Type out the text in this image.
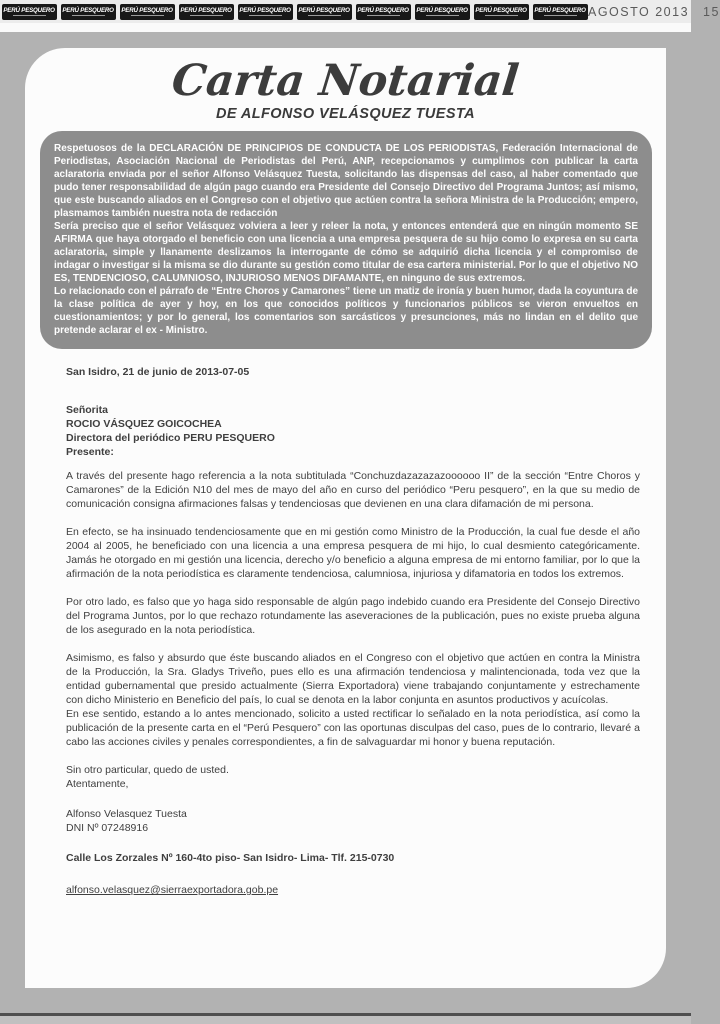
PERÚ PESQUERO PERÚ PESQUERO PERÚ PESQUERO PERÚ PESQUERO PERÚ PESQUERO PERÚ PESQUERO PERÚ PESQUERO PERÚ PESQUERO PERÚ PESQUERO PERÚ PESQUERO AGOSTO 2013 15
Carta Notarial
DE ALFONSO VELÁSQUEZ TUESTA

Respetuosos de la DECLARACIÓN DE PRINCIPIOS DE CONDUCTA DE LOS PERIODISTAS, Federación Internacional de Periodistas, Asociación Nacional de Periodistas del Perú, ANP, recepcionamos y cumplimos con publicar la carta aclaratoria enviada por el señor Alfonso Velásquez Tuesta, solicitando las dispensas del caso, al haber comentado que pudo tener responsabilidad de algún pago cuando era Presidente del Consejo Directivo del Programa Juntos; así mismo, que este buscando aliados en el Congreso con el objetivo que actúen contra la señora Ministra de la Producción; empero, plasmamos también nuestra nota de redacción

Sería preciso que el señor Velásquez volviera a leer y releer la nota, y entonces entenderá que en ningún momento SE AFIRMA que haya otorgado el beneficio con una licencia a una empresa pesquera de su hijo como lo expresa en su carta aclaratoria, simple y llanamente deslizamos la interrogante de cómo se adquirió dicha licencia y el compromiso de indagar o investigar si la misma se dio durante su gestión como titular de esa cartera ministerial. Por lo que el objetivo NO ES, TENDENCIOSO, CALUMNIOSO, INJURIOSO MENOS DIFAMANTE, en ninguno de sus extremos.

Lo relacionado con el párrafo de “Entre Choros y Camarones” tiene un matiz de ironía y buen humor, dada la coyuntura de la clase política de ayer y hoy, en los que conocidos políticos y funcionarios públicos se vieron envueltos en cuestionamientos; y por lo general, los comentarios son sarcásticos y presunciones, más no lindan en el delito que pretende aclarar el ex - Ministro.

San Isidro, 21 de junio de 2013-07-05
Señorita
ROCIO VÁSQUEZ GOICOCHEA
Directora del periódico PERU PESQUERO
Presente:

A través del presente hago referencia a la nota subtitulada “Conchuzdazazazazoooooo II” de la sección “Entre Choros y Camarones” de la Edición N10 del mes de mayo del año en curso del periódico “Peru pesquero”, en la que su medio de comunicación consigna afirmaciones falsas y tendenciosas que devienen en una clara difamación de mi persona.

En efecto, se ha insinuado tendenciosamente que en mi gestión como Ministro de la Producción, la cual fue desde el año 2004 al 2005, he beneficiado con una licencia a una empresa pesquera de mi hijo, lo cual desmiento categóricamente. Jamás he otorgado en mi gestión una licencia, derecho y/o beneficio a alguna empresa de mi entorno familiar, por lo que la afirmación de la nota periodística es claramente tendenciosa, calumniosa, injuriosa y difamatoria en todos los extremos.

Por otro lado, es falso que yo haga sido responsable de algún pago indebido cuando era Presidente del Consejo Directivo del Programa Juntos, por lo que rechazo rotundamente las aseveraciones de la publicación, pues no existe prueba alguna de los asegurado en la nota periodística.

Asimismo, es falso y absurdo que éste buscando aliados en el Congreso con el objetivo que actúen en contra la Ministra de la Producción, la Sra. Gladys Triveño, pues ello es una afirmación tendenciosa y malintencionada, toda vez que la entidad gubernamental que presido actualmente (Sierra Exportadora) viene trabajando conjuntamente y estrechamente con dicho Ministerio en Beneficio del país, lo cual se denota en la labor conjunta en asuntos productivos y acuícolas.

En ese sentido, estando a lo antes mencionado, solicito a usted rectificar lo señalado en la nota periodística, así como la publicación de la presente carta en el “Perú Pesquero” con las oportunas disculpas del caso, pues de lo contrario, llevaré a cabo las acciones civiles y penales correspondientes, a fin de salvaguardar mi honor y buena reputación.

Sin otro particular, quedo de usted.
Atentamente,
Alfonso Velasquez Tuesta
DNI Nº 07248916
Calle Los Zorzales Nº 160-4to piso- San Isidro- Lima- Tlf. 215-0730
alfonso.velasquez@sierraexportadora.gob.pe
